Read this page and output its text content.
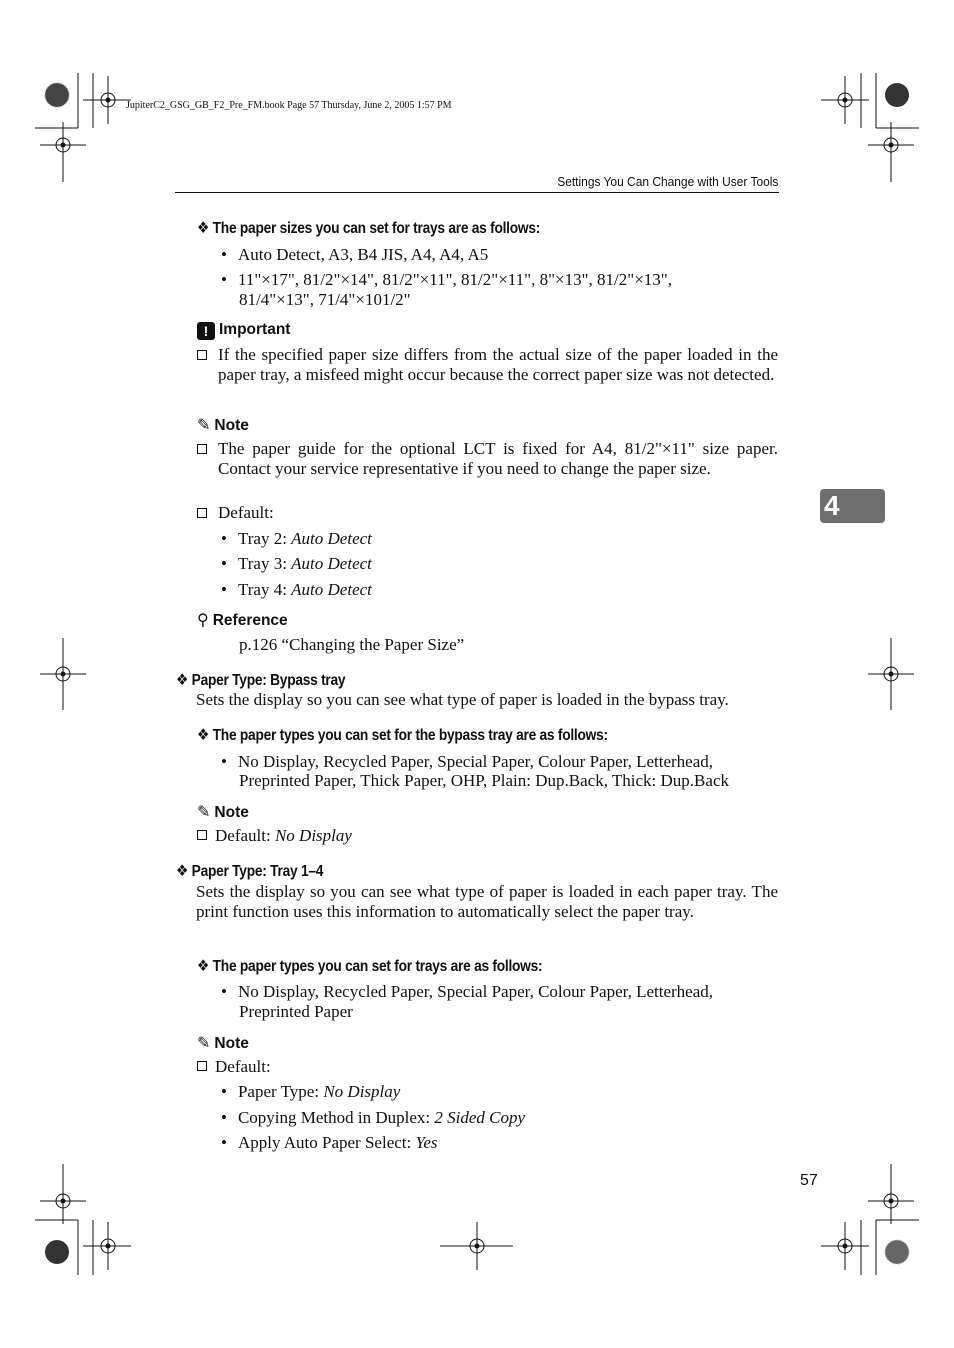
JupiterC2_GSG_GB_F2_Pre_FM.book Page 57 Thursday, June 2, 2005 1:57 PM
Settings You Can Change with User Tools
4
❖ The paper sizes you can set for trays are as follows:
• Auto Detect, A3, B4 JIS, A4, A4, A5
• 11"×17", 81/2"×14", 81/2"×11", 81/2"×11", 8"×13", 81/2"×13",
81/4"×13", 71/4"×101/2"
! Important
If the specified paper size differs from the actual size of the paper loaded in the paper tray, a misfeed might occur because the correct paper size was not detected.
✎ Note
The paper guide for the optional LCT is fixed for A4, 81/2"×11" size paper. Contact your service representative if you need to change the paper size.
Default:
• Tray 2: Auto Detect
• Tray 3: Auto Detect
• Tray 4: Auto Detect
⚲ Reference
p.126 “Changing the Paper Size”
❖ Paper Type: Bypass tray
Sets the display so you can see what type of paper is loaded in the bypass tray.
❖ The paper types you can set for the bypass tray are as follows:
• No Display, Recycled Paper, Special Paper, Colour Paper, Letterhead,
Preprinted Paper, Thick Paper, OHP, Plain: Dup.Back, Thick: Dup.Back
✎ Note
Default: No Display
❖ Paper Type: Tray 1–4
Sets the display so you can see what type of paper is loaded in each paper tray. The print function uses this information to automatically select the paper tray.
❖ The paper types you can set for trays are as follows:
• No Display, Recycled Paper, Special Paper, Colour Paper, Letterhead,
Preprinted Paper
✎ Note
Default:
• Paper Type: No Display
• Copying Method in Duplex: 2 Sided Copy
• Apply Auto Paper Select: Yes
57
